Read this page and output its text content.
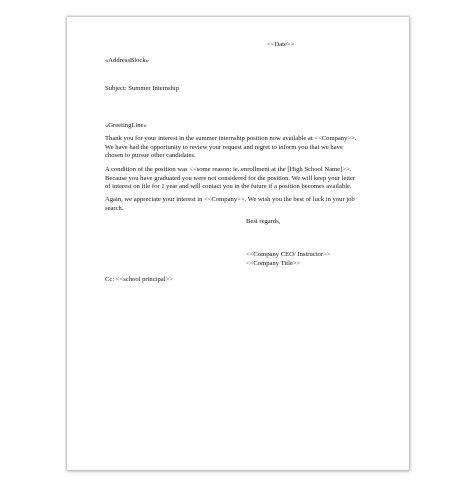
<<Date>>
«AddressBlock»
Subject: Summer Internship
«GreetingLine»
Thank you for your interest in the summer internship position now available at <<Company>>.
We have had the opportunity to review your request and regret to inform you that we have
chosen to pursue other candidates.
A condition of the position was <<some reason: ie..enrollment at the [High School Name]>>.
Because you have graduated you were not considered for the position. We will keep your letter
of interest on file for 1 year and will contact you in the future if a position becomes available.
Again, we appreciate your interest in <<Company>>. We wish you the best of luck in your job
search.
Best regards,
<<Company CEO/ Instructor>>
<<Company Title>>
Cc: <<school principal>>
